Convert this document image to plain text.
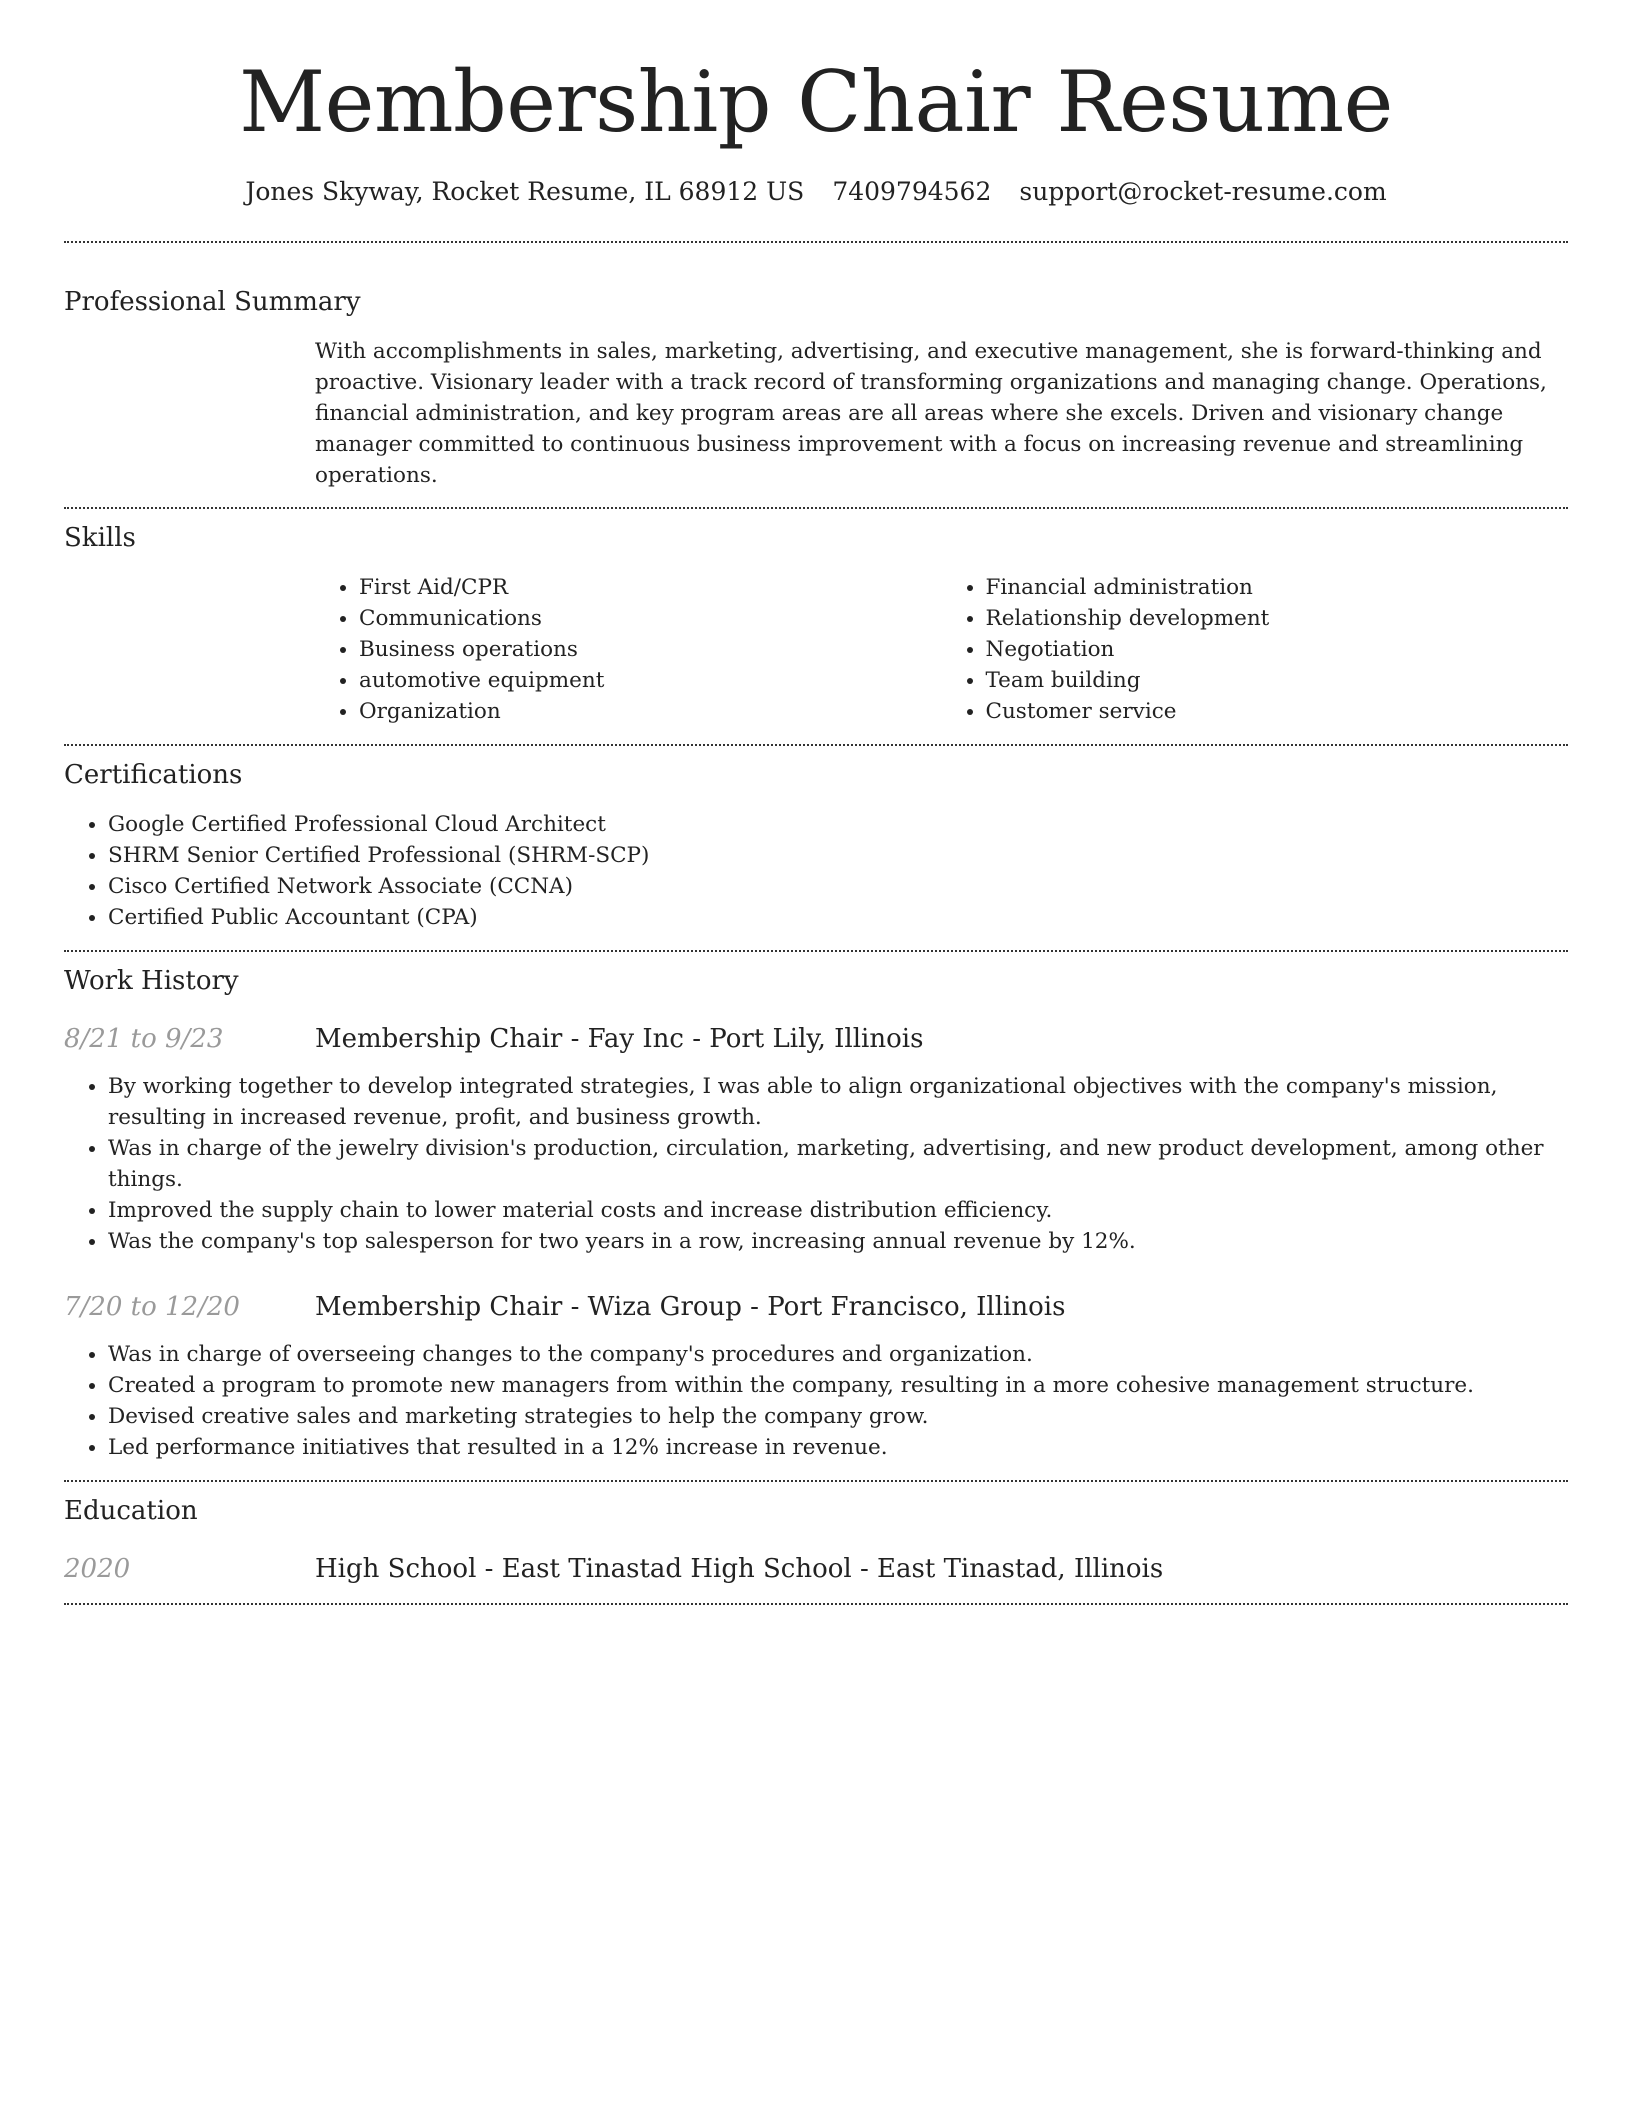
Membership Chair Resume
Jones Skyway, Rocket Resume, IL 68912 US 7409794562 support@rocket-resume.com
Professional Summary

With accomplishments in sales, marketing, advertising, and executive management, she is forward-thinking and proactive. Visionary leader with a track record of transforming organizations and managing change. Operations, financial administration, and key program areas are all areas where she excels. Driven and visionary change manager committed to continuous business improvement with a focus on increasing revenue and streamlining operations.

Skills
• First Aid/CPR
• Communications
• Business operations
• automotive equipment
• Organization
• Financial administration
• Relationship development
• Negotiation
• Team building
• Customer service
Certifications
• Google Certified Professional Cloud Architect
• SHRM Senior Certified Professional (SHRM-SCP)
• Cisco Certified Network Associate (CCNA)
• Certified Public Accountant (CPA)
Work History
8/21 to 9/23	Membership Chair - Fay Inc - Port Lily, Illinois
• By working together to develop integrated strategies, I was able to align organizational objectives with the company's mission, resulting in increased revenue, profit, and business growth.
• Was in charge of the jewelry division's production, circulation, marketing, advertising, and new product development, among other things.
• Improved the supply chain to lower material costs and increase distribution efficiency.
• Was the company's top salesperson for two years in a row, increasing annual revenue by 12%.
7/20 to 12/20	Membership Chair - Wiza Group - Port Francisco, Illinois
• Was in charge of overseeing changes to the company's procedures and organization.
• Created a program to promote new managers from within the company, resulting in a more cohesive management structure.
• Devised creative sales and marketing strategies to help the company grow.
• Led performance initiatives that resulted in a 12% increase in revenue.
Education
2020	High School - East Tinastad High School - East Tinastad, Illinois
